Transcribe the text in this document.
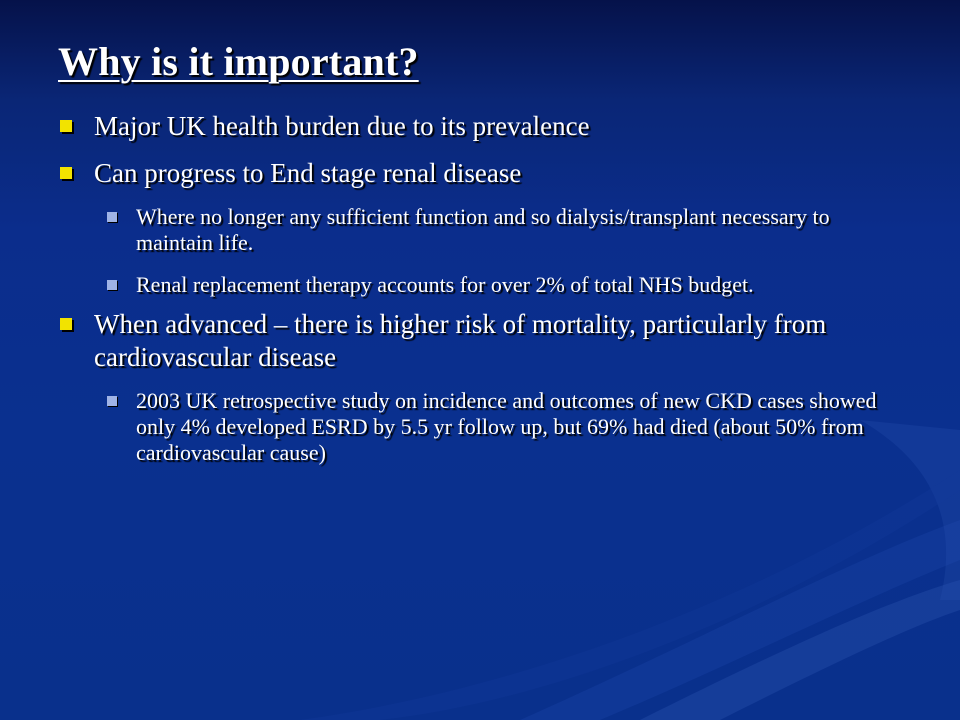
Why is it important?
Major UK health burden due to its prevalence
Can progress to End stage renal disease
Where no longer any sufficient function and so dialysis/transplant necessary to maintain life.
Renal replacement therapy accounts for over 2% of total NHS budget.
When advanced – there is higher risk of mortality, particularly from cardiovascular disease
2003 UK retrospective study on incidence and outcomes of new CKD cases showed only 4% developed ESRD by 5.5 yr follow up, but 69% had died (about 50% from cardiovascular cause)
